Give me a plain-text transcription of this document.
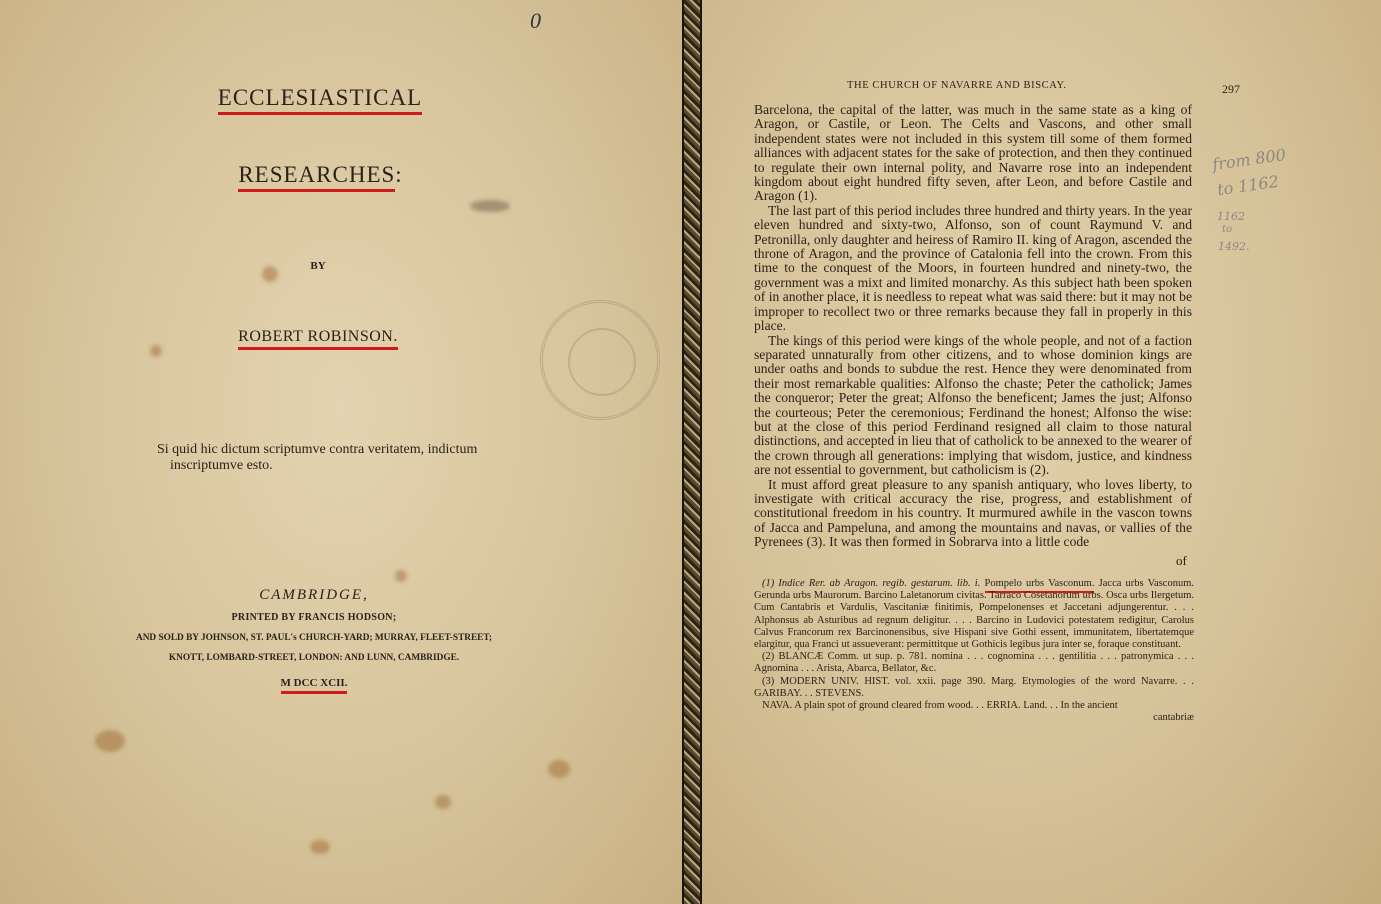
0
ECCLESIASTICAL
RESEARCHES:
BY
ROBERT ROBINSON.
Si quid hic dictum scriptumve contra veritatem, indictum
inscriptumve esto.
CAMBRIDGE,
PRINTED BY FRANCIS HODSON;
AND SOLD BY JOHNSON, ST. PAUL's CHURCH-YARD; MURRAY, FLEET-STREET;
KNOTT, LOMBARD-STREET, LONDON: AND LUNN, CAMBRIDGE.
M DCC XCII.
THE CHURCH OF NAVARRE AND BISCAY.	297
from 800
to 1162
1162
to
1492.

Barcelona, the capital of the latter, was much in the same state as a king of Aragon, or Castile, or Leon. The Celts and Vascons, and other small independent states were not included in this system till some of them formed alliances with adjacent states for the sake of protection, and then they continued to regulate their own internal polity, and Navarre rose into an independent kingdom about eight hundred fifty seven, after Leon, and before Castile and Aragon (1).

The last part of this period includes three hundred and thirty years. In the year eleven hundred and sixty-two, Alfonso, son of count Raymund V. and Petronilla, only daughter and heiress of Ramiro II. king of Aragon, ascended the throne of Aragon, and the province of Catalonia fell into the crown. From this time to the conquest of the Moors, in fourteen hundred and ninety-two, the government was a mixt and limited monarchy. As this subject hath been spoken of in another place, it is needless to repeat what was said there: but it may not be improper to recollect two or three remarks because they fall in properly in this place.

The kings of this period were kings of the whole people, and not of a faction separated unnaturally from other citizens, and to whose dominion kings are under oaths and bonds to subdue the rest. Hence they were denominated from their most remarkable qualities: Alfonso the chaste; Peter the catholick; James the conqueror; Peter the great; Alfonso the beneficent; James the just; Alfonso the courteous; Peter the ceremonious; Ferdinand the honest; Alfonso the wise: but at the close of this period Ferdinand resigned all claim to those natural distinctions, and accepted in lieu that of catholick to be annexed to the wearer of the crown through all generations: implying that wisdom, justice, and kindness are not essential to government, but catholicism is (2).

It must afford great pleasure to any spanish antiquary, who loves liberty, to investigate with critical accuracy the rise, progress, and establishment of constitutional freedom in his country. It murmured awhile in the vascon towns of Jacca and Pampeluna, and among the mountains and navas, or vallies of the Pyrenees (3). It was then formed in Sobrarva into a little code

of

(1) Indice Rer. ab Aragon. regib. gestarum. lib. i. Pompelo urbs Vasconum. Jacca urbs Vasconum. Gerunda urbs Maurorum. Barcino Laletanorum civitas. Tarraco Cosetanorum urbs. Osca urbs Ilergetum. Cum Cantabris et Vardulis, Vascitaniæ finitimis, Pompelonenses et Jaccetani adjungerentur. . . . Alphonsus ab Asturibus ad regnum deligitur. . . . Barcino in Ludovici potestatem redigitur, Carolus Calvus Francorum rex Barcinonensibus, sive Hispani sive Gothi essent, immunitatem, libertatemque elargitur, qua Franci ut assueverant: permittitque ut Gothicis legibus jura inter se, foraque constituant.

(2) BLANCÆ Comm. ut sup. p. 781. nomina . . . cognomina . . . gentilitia . . . patronymica . . . Agnomina . . . Arista, Abarca, Bellator, &c.

(3) MODERN UNIV. HIST. vol. xxii. page 390. Marg. Etymologies of the word Navarre. . . GARIBAY. . . STEVENS.

NAVA. A plain spot of ground cleared from wood. . . ERRIA. Land. . . In the ancient

cantabriæ
